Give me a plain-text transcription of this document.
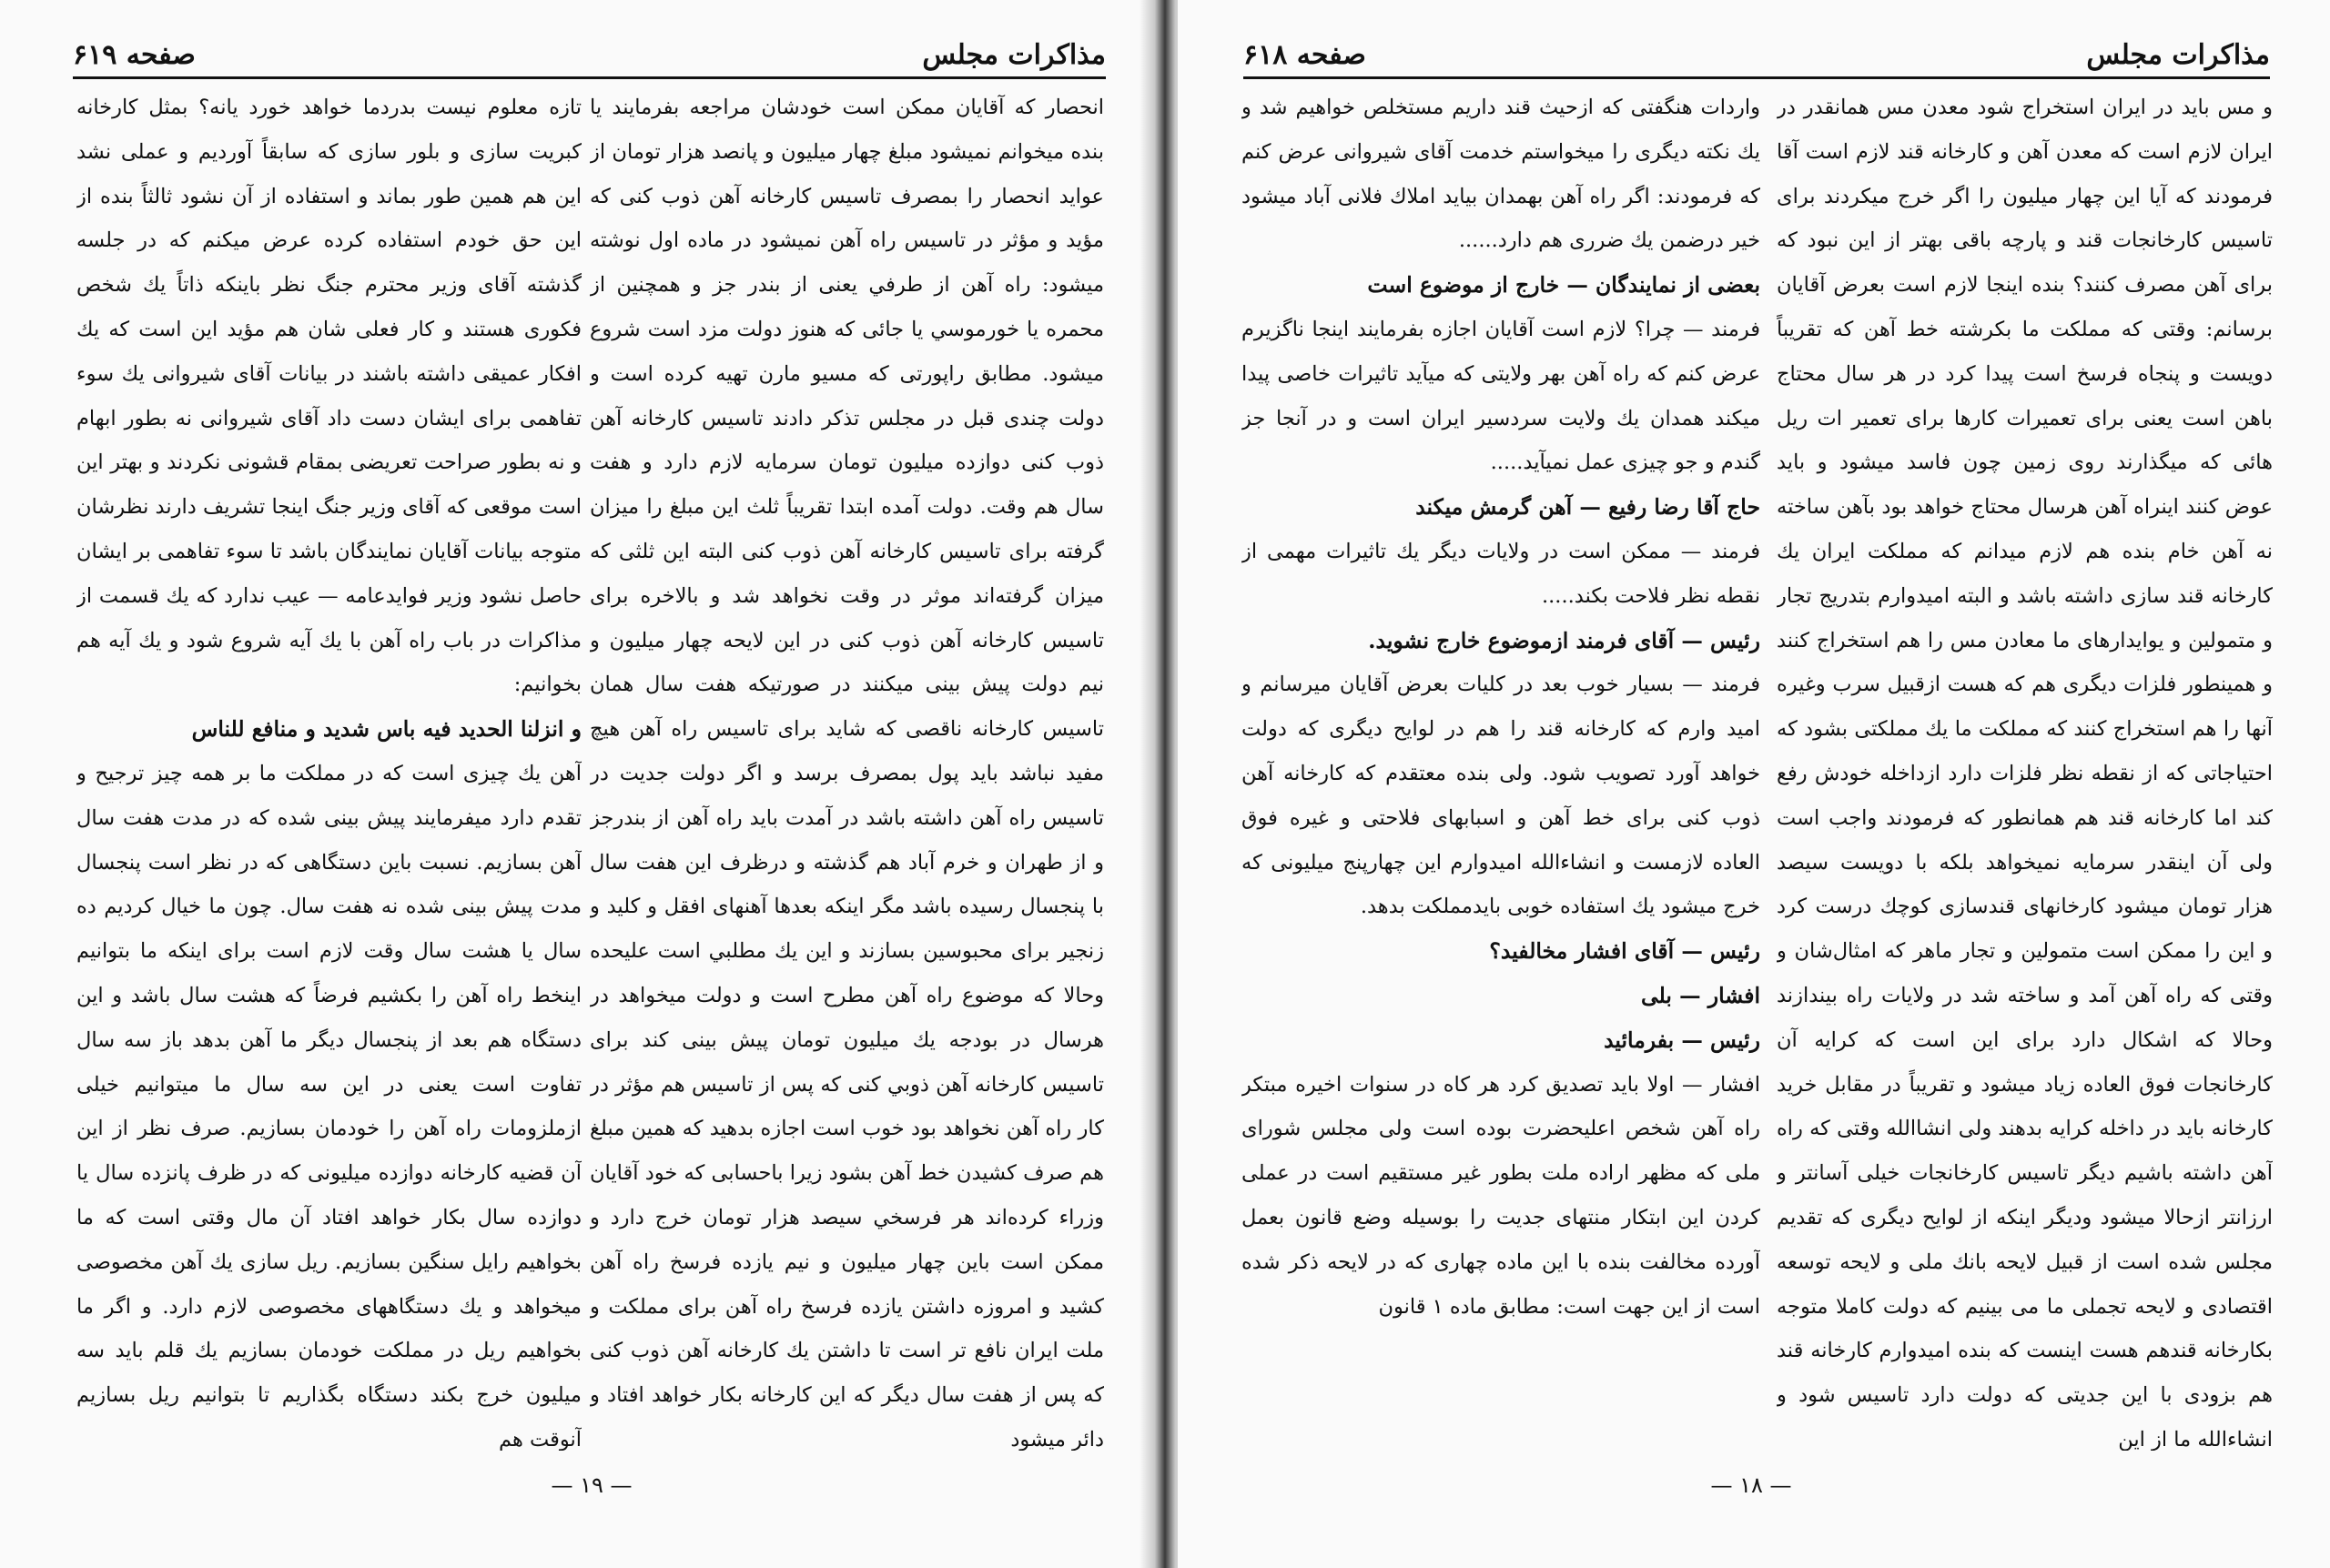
مذاكرات مجلس
صفحه ۶۱۹

انحصار كه آقايان ممكن است خودشان مراجعه بفرمايند يا بنده ميخوانم نميشود مبلغ چهار ميليون و پانصد هزار تومان از عوايد انحصار را بمصرف تاسيس كارخانه آهن ذوب كنى كه مؤيد و مؤثر در تاسيس راه آهن نميشود در ماده اول نوشته ميشود: راه آهن از طرفي يعنى از بندر جز و همچنين از محمره يا خورموسي يا جائى كه هنوز دولت مزد است شروع ميشود. مطابق راپورتى كه مسيو مارن تهيه كرده است و دولت چندى قبل در مجلس تذكر دادند تاسيس كارخانه آهن ذوب كنى دوازده ميليون تومان سرمايه لازم دارد و هفت سال هم وقت. دولت آمده ابتدا تقريباً ثلث اين مبلغ را ميزان گرفته براى تاسيس كارخانه آهن ذوب كنى البته اين ثلثى كه ميزان گرفته‌اند موثر در وقت نخواهد شد و بالاخره براى تاسيس كارخانه آهن ذوب كنى در اين لايحه چهار ميليون و نيم دولت پيش بينى ميكنند در صورتيكه هفت سال همان تاسيس كارخانه ناقصى كه شايد براى تاسيس راه آهن هيچ مفيد نباشد بايد پول بمصرف برسد و اگر دولت جديت در تاسيس راه آهن داشته باشد در آمدت بايد راه آهن از بندرجز و از طهران و خرم آباد هم گذشته و درظرف اين هفت سال با پنجسال رسيده باشد مگر اينكه بعدها آهنهاى افقل و كليد و زنجير براى محبوسين بسازند و اين يك مطلبي است عليحده وحالا كه موضوع راه آهن مطرح است و دولت ميخواهد در هرسال در بودجه يك ميليون تومان پيش بينى كند براى تاسيس كارخانه آهن ذوبي كنى كه پس از تاسيس هم مؤثر در كار راه آهن نخواهد بود خوب است اجازه بدهيد كه همين مبلغ هم صرف كشيدن خط آهن بشود زيرا باحسابى كه خود آقايان وزراء كرده‌اند هر فرسخي سيصد هزار تومان خرج دارد و ممكن است باين چهار ميليون و نيم يازده فرسخ راه آهن كشيد و امروزه داشتن يازده فرسخ راه آهن براى مملكت و ملت ايران نافع تر است تا داشتن يك كارخانه آهن ذوب كنى كه پس از هفت سال ديگر كه اين كارخانه بكار خواهد افتاد و دائر ميشود

تازه معلوم نيست بدردما خواهد خورد يانه؟ بمثل كارخانه كبريت سازى و بلور سازى كه سابقاً آورديم و عملى نشد اين هم همين طور بماند و استفاده از آن نشود ثالثاً بنده از اين حق خودم استفاده كرده عرض ميكنم كه در جلسه گذشته آقاى وزير محترم جنگ نظر باينكه ذاتاً يك شخص فكورى هستند و كار فعلى شان هم مؤيد اين است كه يك افكار عميقى داشته باشند در بيانات آقاى شيروانى يك سوء تفاهمى براى ايشان دست داد آقاى شيروانى نه بطور ابهام و نه بطور صراحت تعريضى بمقام قشونى نكردند و بهتر اين است موقعى كه آقاى وزير جنگ اينجا تشريف دارند نظرشان متوجه بيانات آقايان نمايندگان باشد تا سوء تفاهمى بر ايشان حاصل نشود وزير فوايدعامه — عيب ندارد كه يك قسمت از مذاكرات در باب راه آهن با يك آيه شروع شود و يك آيه هم بخوانيم:

و انزلنا الحديد فيه باس شديد و منافع للناس

آهن يك چيزى است كه در مملكت ما بر همه چيز ترجيح و تقدم دارد ميفرمايند پيش بينى شده كه در مدت هفت سال آهن بسازيم. نسبت باين دستگاهى كه در نظر است پنجسال مدت پيش بينى شده نه هفت سال. چون ما خيال كرديم ده سال يا هشت سال وقت لازم است براى اينكه ما بتوانيم اينخط راه آهن را بكشيم فرضاً كه هشت سال باشد و اين دستگاه هم بعد از پنجسال ديگر ما آهن بدهد باز سه سال تفاوت است يعنى در اين سه سال ما ميتوانيم خيلى ازملزومات راه آهن را خودمان بسازيم. صرف نظر از اين آن قضيه كارخانه دوازده ميليونى كه در ظرف پانزده سال يا دوازده سال بكار خواهد افتاد آن مال وقتى است كه ما بخواهيم رايل سنگين بسازيم. ريل سازى يك آهن مخصوصى ميخواهد و يك دستگاههاى مخصوصى لازم دارد. و اگر ما بخواهيم ريل در مملكت خودمان بسازيم يك قلم بايد سه ميليون خرج بكند دستگاه بگذاريم تا بتوانيم ريل بسازيم آنوقت هم

— ۱۹ —
مذاكرات مجلس
صفحه ۶۱۸

و مس بايد در ايران استخراج شود معدن مس همانقدر در ايران لازم است كه معدن آهن و كارخانه قند لازم است آقا فرمودند كه آيا اين چهار ميليون را اگر خرج ميكردند براى تاسيس كارخانجات قند و پارچه باقى بهتر از اين نبود كه براى آهن مصرف كنند؟ بنده اينجا لازم است بعرض آقايان برسانم: وقتى كه مملكت ما بكرشته خط آهن كه تقريباً دويست و پنجاه فرسخ است پيدا كرد در هر سال محتاج باهن است يعنى براى تعميرات كارها براى تعمير ات ريل هائى كه ميگذارند روى زمين چون فاسد ميشود و بايد عوض كنند اينراه آهن هرسال محتاج خواهد بود بآهن ساخته نه آهن خام بنده هم لازم ميدانم كه مملكت ايران يك كارخانه قند سازى داشته باشد و البته اميدوارم بتدريج تجار و متمولين و يوايدارهاى ما معادن مس را هم استخراج كنند و همينطور فلزات ديگرى هم كه هست ازقبيل سرب وغيره آنها را هم استخراج كنند كه مملكت ما يك مملكتى بشود كه احتياجاتى كه از نقطه نظر فلزات دارد ازداخله خودش رفع كند اما كارخانه قند هم همانطور كه فرمودند واجب است ولى آن اينقدر سرمايه نميخواهد بلكه با دويست سيصد هزار تومان ميشود كارخانهاى قندسازى كوچك درست كرد و اين را ممكن است متمولين و تجار ماهر كه امثال‌شان و وقتى كه راه آهن آمد و ساخته شد در ولايات راه بيندازند وحالا كه اشكال دارد براى اين است كه كرايه آن كارخانجات فوق العاده زياد ميشود و تقريباً در مقابل خريد كارخانه بايد در داخله كرايه بدهند ولى انشاالله وقتى كه راه آهن داشته باشيم ديگر تاسيس كارخانجات خيلى آسانتر و ارزانتر ازحالا ميشود وديگر اينكه از لوايح ديگرى كه تقديم مجلس شده است از قبيل لايحه بانك ملى و لايحه توسعه اقتصادى و لايحه تجملى ما مى بينيم كه دولت كاملا متوجه بكارخانه قندهم هست اينست كه بنده اميدوارم كارخانه قند هم بزودى با اين جديتى كه دولت دارد تاسيس شود و انشاءالله ما از اين

واردات هنگفتى كه ازحيث قند داريم مستخلص خواهيم شد و يك نكته ديگرى را ميخواستم خدمت آقاى شيروانى عرض كنم كه فرمودند: اگر راه آهن بهمدان بيايد املاك فلانى آباد ميشود خير درضمن يك ضررى هم دارد......

بعضى از نمايندگان — خارج از موضوع است

فرمند — چرا؟ لازم است آقايان اجازه بفرمايند اينجا ناگزيرم عرض كنم كه راه آهن بهر ولايتى كه ميآيد تاثيرات خاصى پيدا ميكند همدان يك ولايت سردسير ايران است و در آنجا جز گندم و جو چيزى عمل نميآيد.....

حاج آقا رضا رفيع — آهن گرمش ميكند

فرمند — ممكن است در ولايات ديگر يك تاثيرات مهمى از نقطه نظر فلاحت بكند.....

رئيس — آقاى فرمند ازموضوع خارج نشويد.

فرمند — بسيار خوب بعد در كليات بعرض آقايان ميرسانم و اميد وارم كه كارخانه قند را هم در لوايح ديگرى كه دولت خواهد آورد تصويب شود. ولى بنده معتقدم كه كارخانه آهن ذوب كنى براى خط آهن و اسبابهاى فلاحتى و غيره فوق العاده لازمست و انشاءالله اميدوارم اين چهارپنج ميليونى كه خرج ميشود يك استفاده خوبى بايدمملكت بدهد.

رئيس — آقاى افشار مخالفيد؟

افشار — بلى

رئيس — بفرمائيد

افشار — اولا بايد تصديق كرد هر كاه در سنوات اخيره مبتكر راه آهن شخص اعليحضرت بوده است ولى مجلس شوراى ملى كه مظهر اراده ملت بطور غير مستقيم است در عملى كردن اين ابتكار منتهاى جديت را بوسيله وضع قانون بعمل آورده مخالفت بنده با اين ماده چهارى كه در لايحه ذكر شده است از اين جهت است: مطابق ماده ۱ قانون

— ۱۸ —
